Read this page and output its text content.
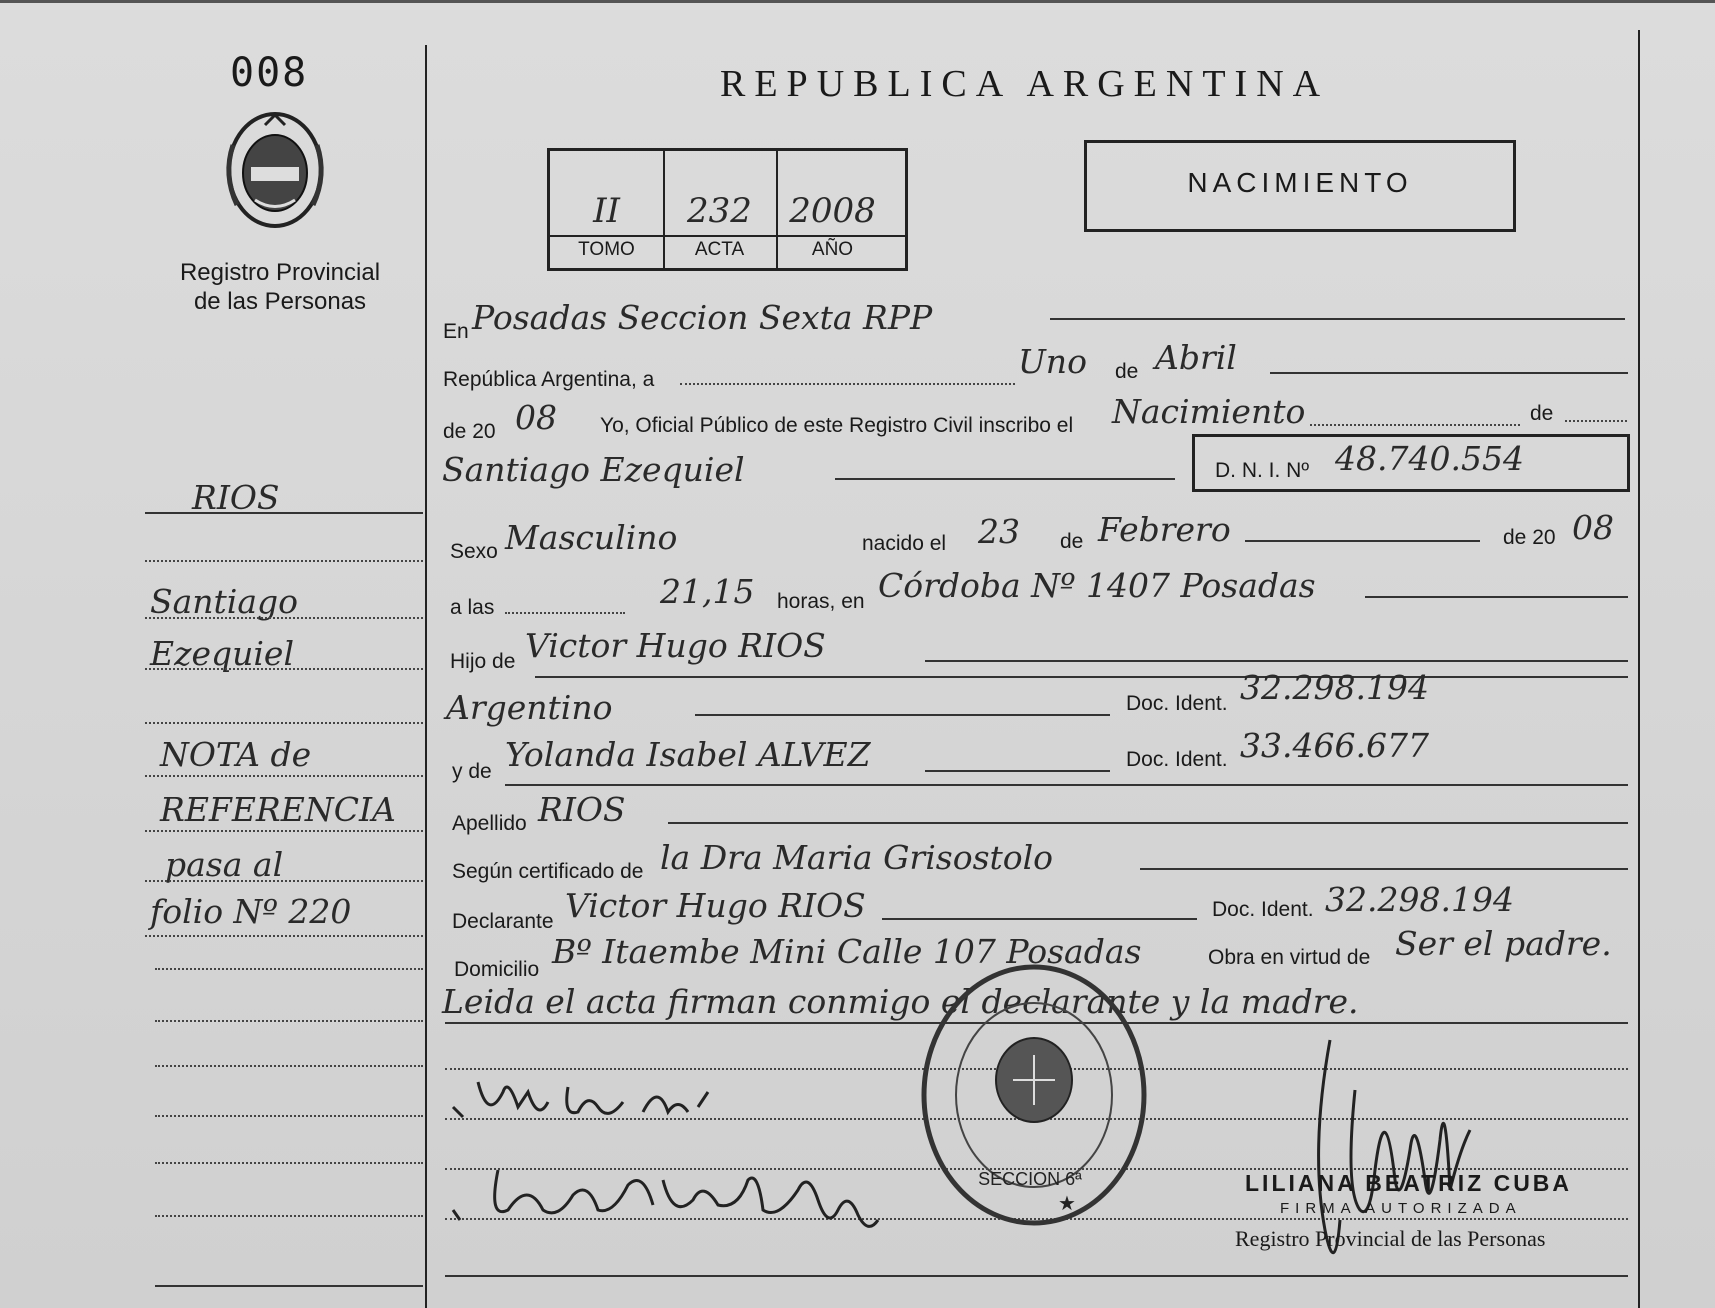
008
Registro Provincial
de las Personas
REPUBLICA ARGENTINA
II	232	2008
TOMO	ACTA	AÑO
NACIMIENTO
RIOS
Santiago
Ezequiel
NOTA de
REFERENCIA
pasa al
folio Nº 220
En Posadas Seccion Sexta RPP
República Argentina, a	Uno de Abril
de 20 08 Yo, Oficial Público de este Registro Civil inscribo el Nacimiento	de
Santiago Ezequiel	D. N. I. Nº 48.740.554
Sexo Masculino	nacido el 23 de Febrero	de 20 08
a las	21,15 horas, en Córdoba Nº 1407 Posadas
Hijo de Victor Hugo RIOS
Argentino	Doc. Ident. 32.298.194
y de Yolanda Isabel ALVEZ	Doc. Ident. 33.466.677
Apellido RIOS
Según certificado de la Dra Maria Grisostolo
Declarante Victor Hugo RIOS	Doc. Ident. 32.298.194
Domicilio Bº Itaembe Mini Calle 107 Posadas	Obra en virtud de Ser el padre.
Leida el acta firman conmigo el declarante y la madre.
SECCION 6ª
★
LILIANA BEATRIZ CUBA
FIRMA AUTORIZADA
Registro Provincial de las Personas
